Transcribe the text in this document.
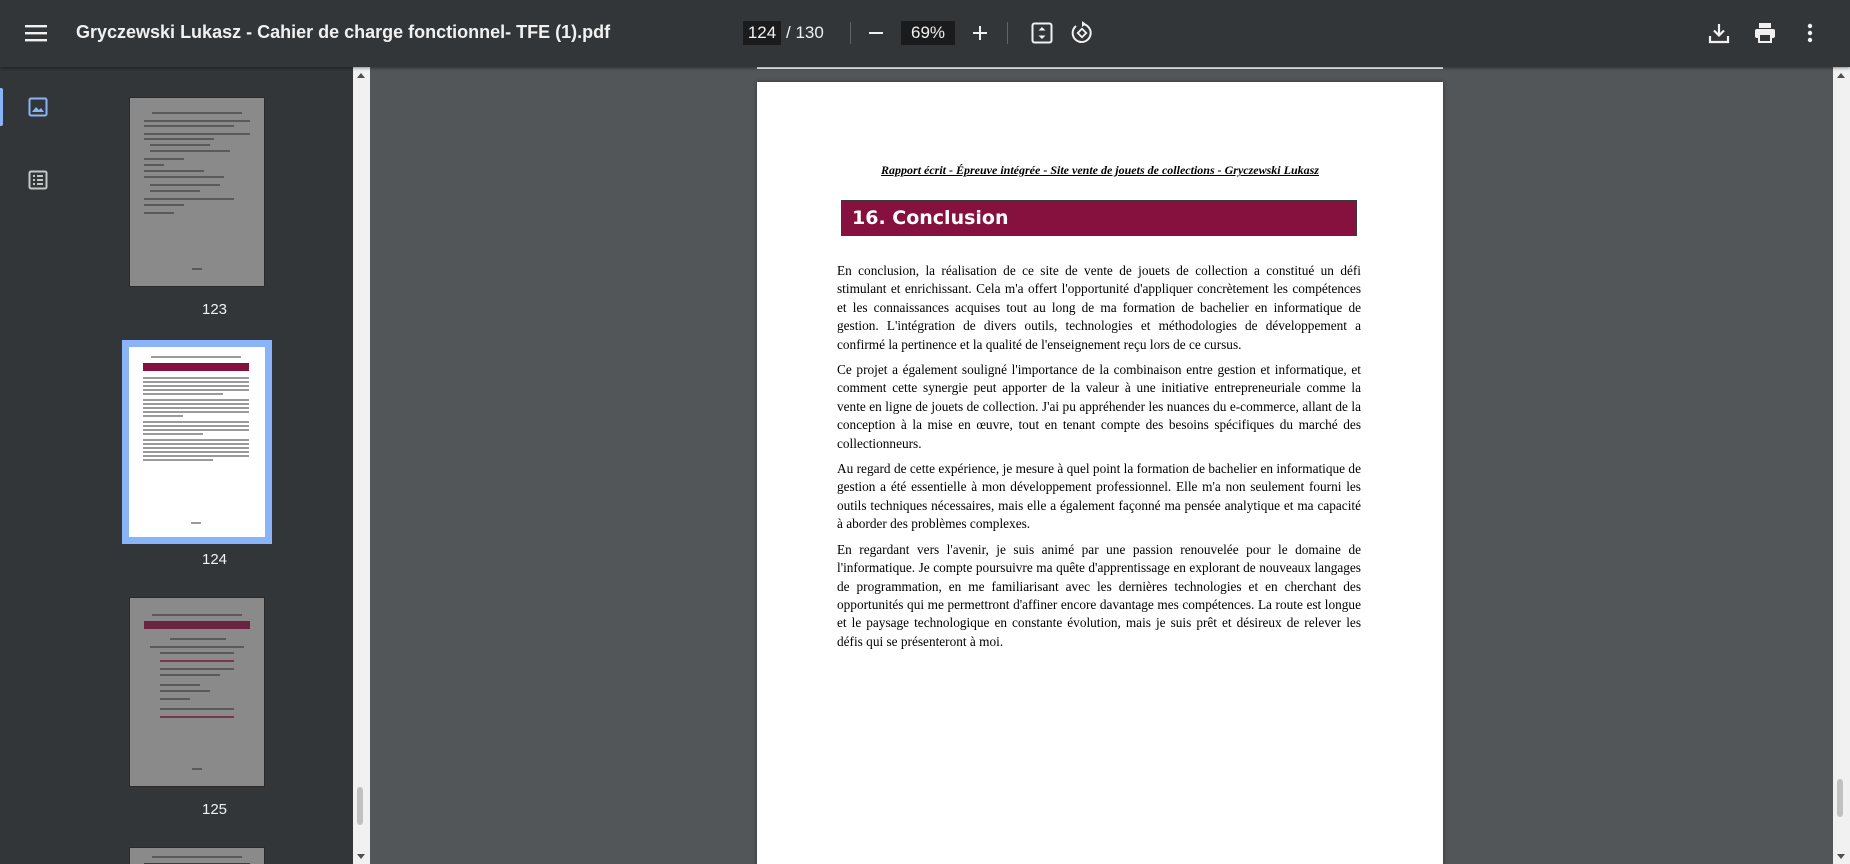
Gryczewski Lukasz - Cahier de charge fonctionnel- TFE (1).pdf	124 / 130	69%
123
124
125
Rapport écrit - Épreuve intégrée - Site vente de jouets de collections - Gryczewski Lukasz
16. Conclusion

En conclusion, la réalisation de ce site de vente de jouets de collection a constitué un défi stimulant et enrichissant. Cela m'a offert l'opportunité d'appliquer concrètement les compétences et les connaissances acquises tout au long de ma formation de bachelier en informatique de gestion. L'intégration de divers outils, technologies et méthodologies de développement a confirmé la pertinence et la qualité de l'enseignement reçu lors de ce cursus.

Ce projet a également souligné l'importance de la combinaison entre gestion et informatique, et comment cette synergie peut apporter de la valeur à une initiative entrepreneuriale comme la vente en ligne de jouets de collection. J'ai pu appréhender les nuances du e-commerce, allant de la conception à la mise en œuvre, tout en tenant compte des besoins spécifiques du marché des collectionneurs.

Au regard de cette expérience, je mesure à quel point la formation de bachelier en informatique de gestion a été essentielle à mon développement professionnel. Elle m'a non seulement fourni les outils techniques nécessaires, mais elle a également façonné ma pensée analytique et ma capacité à aborder des problèmes complexes.

En regardant vers l'avenir, je suis animé par une passion renouvelée pour le domaine de l'informatique. Je compte poursuivre ma quête d'apprentissage en explorant de nouveaux langages de programmation, en me familiarisant avec les dernières technologies et en cherchant des opportunités qui me permettront d'affiner encore davantage mes compétences. La route est longue et le paysage technologique en constante évolution, mais je suis prêt et désireux de relever les défis qui se présenteront à moi.
